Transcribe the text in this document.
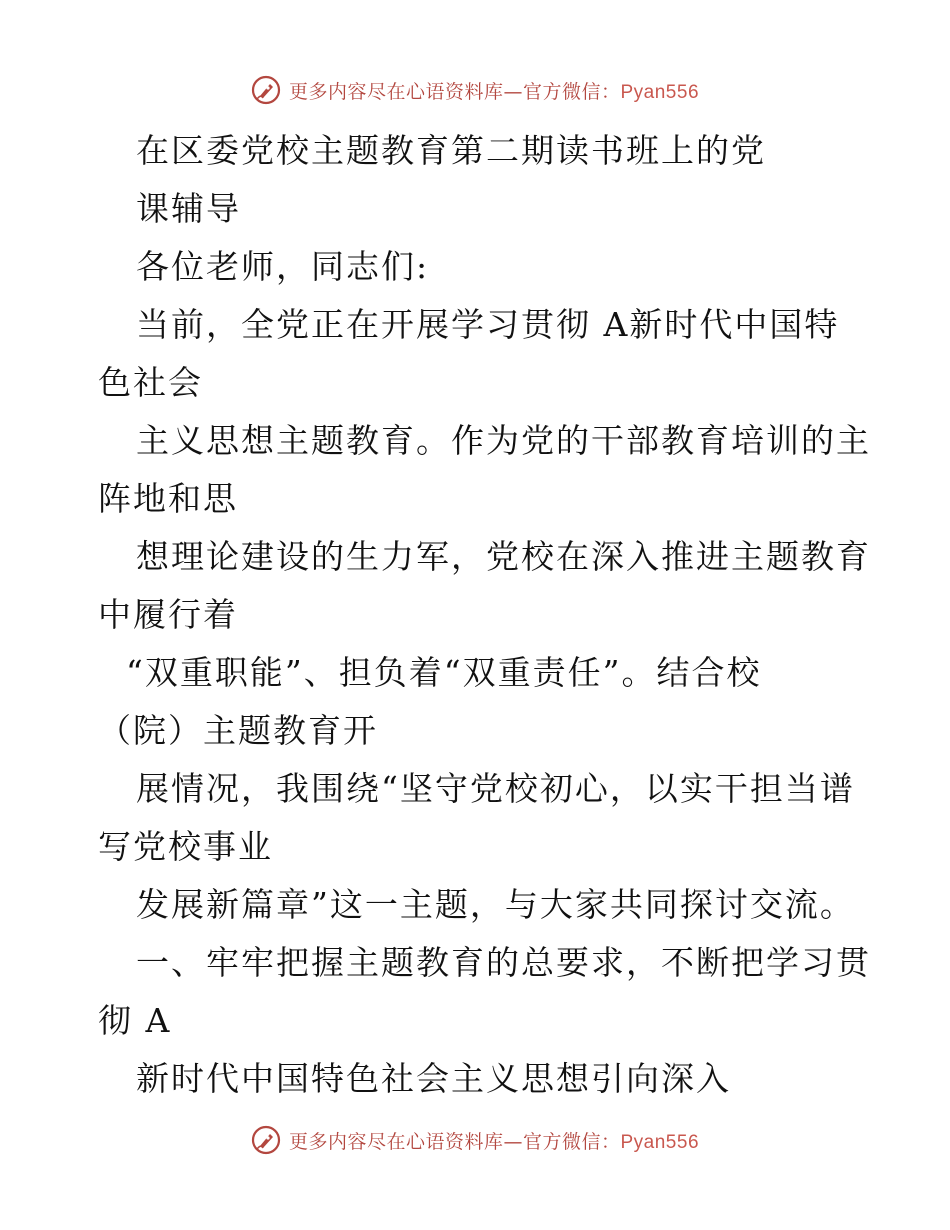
更多内容尽在心语资料库—官方微信：Pyan556
在区委党校主题教育第二期读书班上的党
课辅导
各位老师，同志们:
当前，全党正在开展学习贯彻 A新时代中国特
色社会
主义思想主题教育。作为党的干部教育培训的主
阵地和思
想理论建设的生力军，党校在深入推进主题教育
中履行着
“双重职能”、担负着“双重责任”。结合校
（院）主题教育开
展情况，我围绕“坚守党校初心，以实干担当谱
写党校事业
发展新篇章”这一主题，与大家共同探讨交流。
一、牢牢把握主题教育的总要求，不断把学习贯
彻 A
新时代中国特色社会主义思想引向深入
更多内容尽在心语资料库—官方微信：Pyan556
